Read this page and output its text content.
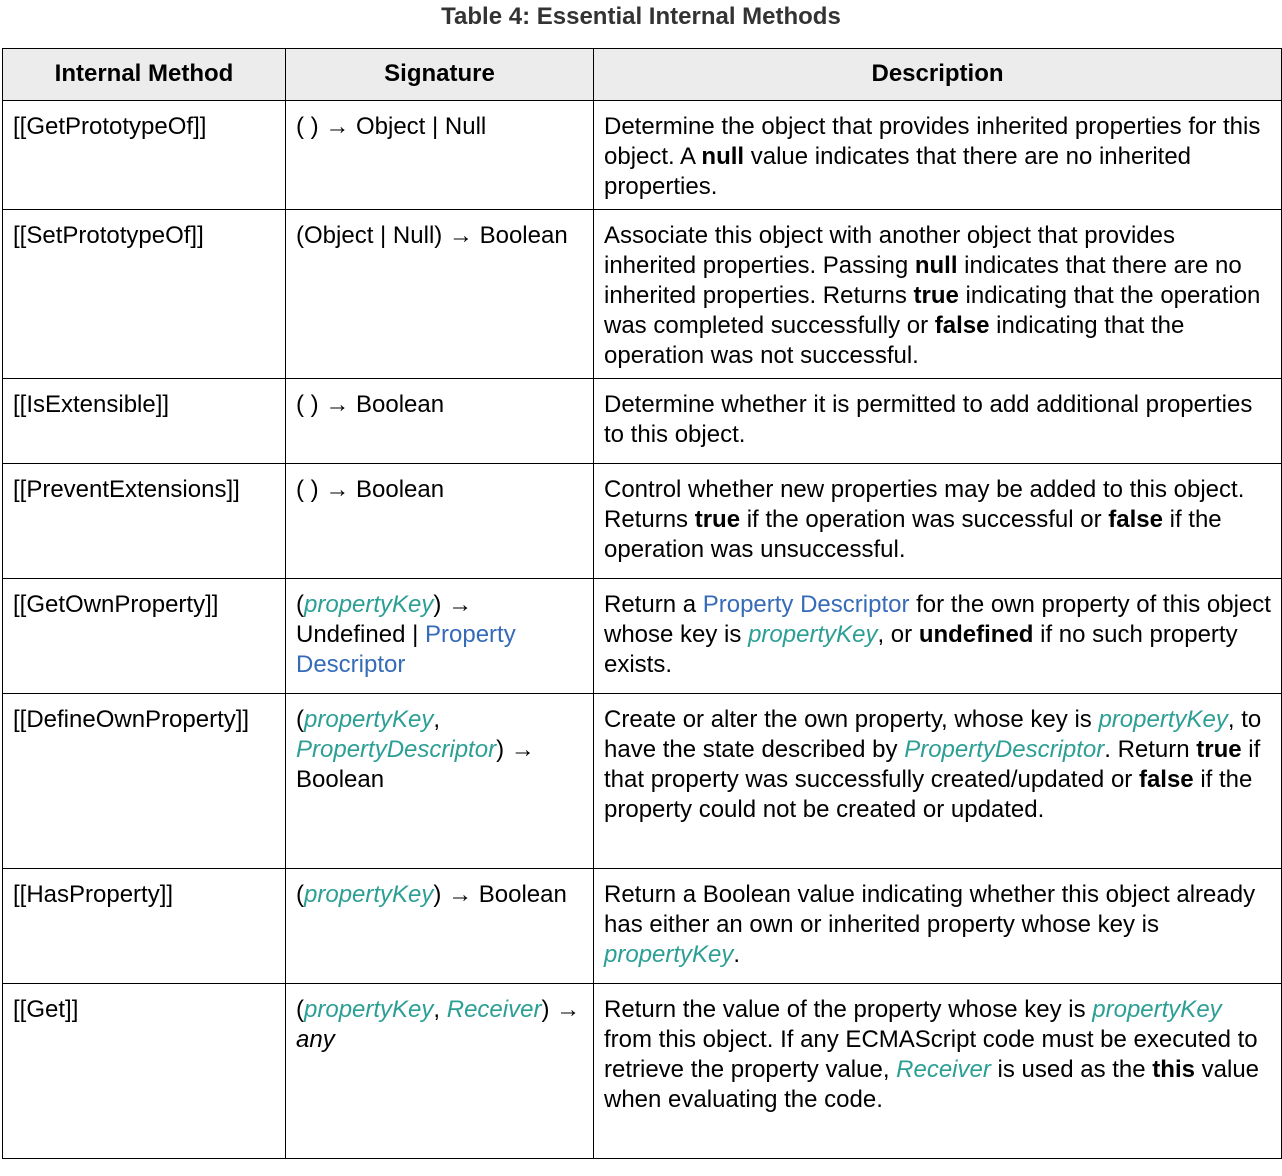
Table 4: Essential Internal Methods
Internal Method	Signature	Description
[[GetPrototypeOf]]	( ) → Object | Null	Determine the object that provides inherited properties for this object. A null value indicates that there are no inherited properties.
[[SetPrototypeOf]]	(Object | Null) → Boolean	Associate this object with another object that provides inherited properties. Passing null indicates that there are no inherited properties. Returns true indicating that the operation was completed successfully or false indicating that the operation was not successful.
[[IsExtensible]]	( ) → Boolean	Determine whether it is permitted to add additional properties to this object.
[[PreventExtensions]]	( ) → Boolean	Control whether new properties may be added to this object. Returns true if the operation was successful or false if the operation was unsuccessful.
[[GetOwnProperty]]	(propertyKey) → Undefined | Property Descriptor	Return a Property Descriptor for the own property of this object whose key is propertyKey, or undefined if no such property exists.
[[DefineOwnProperty]]	(propertyKey, PropertyDescriptor) → Boolean	Create or alter the own property, whose key is propertyKey, to have the state described by PropertyDescriptor. Return true if that property was successfully created/updated or false if the property could not be created or updated.
[[HasProperty]]	(propertyKey) → Boolean	Return a Boolean value indicating whether this object already has either an own or inherited property whose key is propertyKey.
[[Get]]	(propertyKey, Receiver) → any	Return the value of the property whose key is propertyKey from this object. If any ECMAScript code must be executed to retrieve the property value, Receiver is used as the this value when evaluating the code.
